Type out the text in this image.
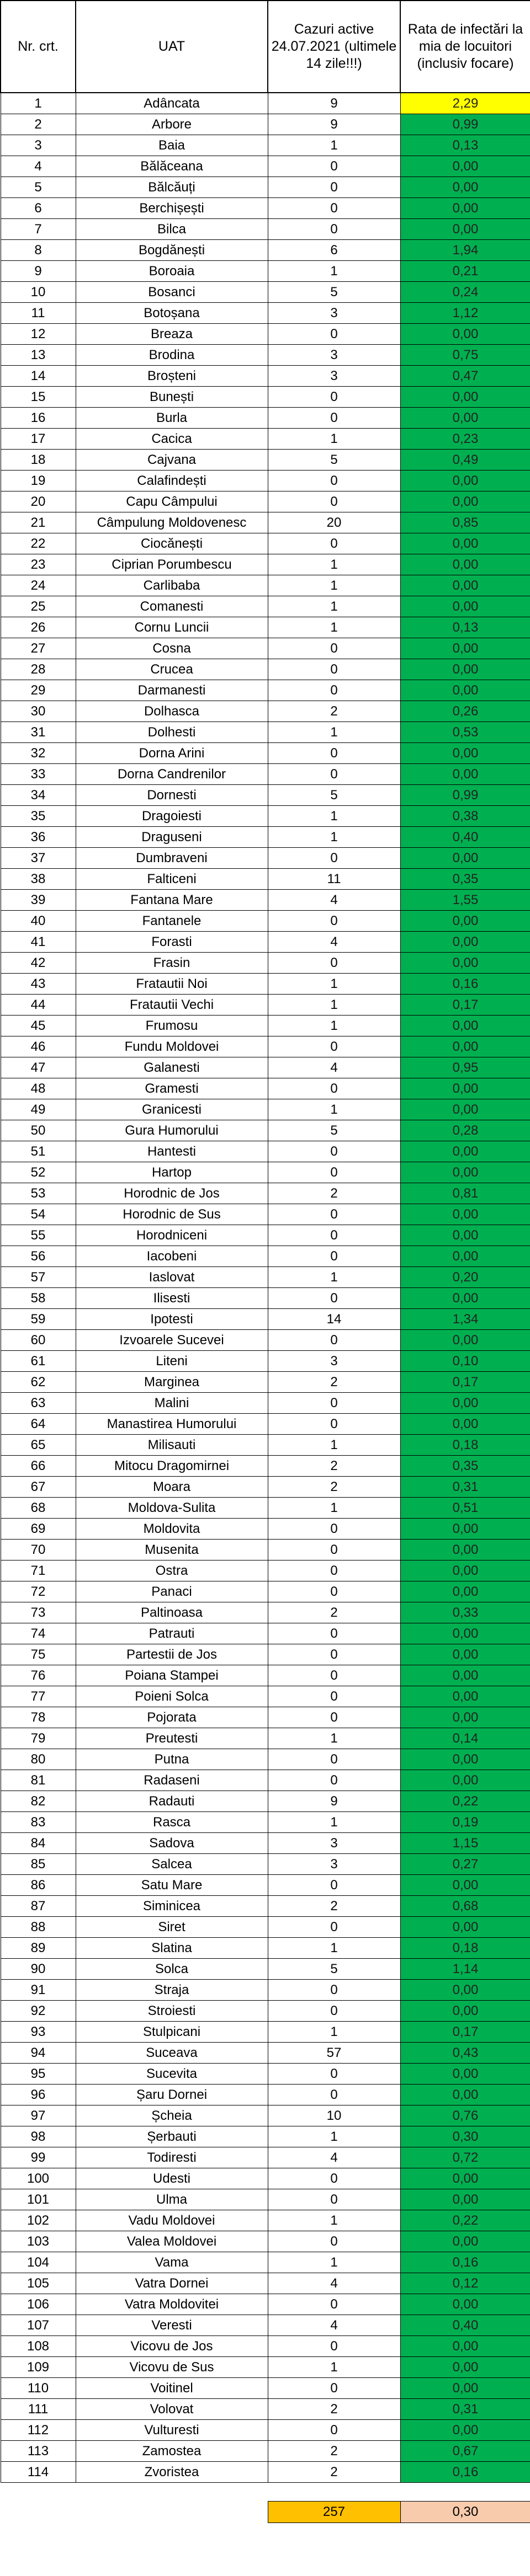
Nr. crt.	UAT	Cazuri active 24.07.2021 (ultimele 14 zile!!!)	Rata de infectări la mia de locuitori (inclusiv focare)
1	Adâncata	9	2,29
2	Arbore	9	0,99
3	Baia	1	0,13
4	Bălăceana	0	0,00
5	Bălcăuți	0	0,00
6	Berchișești	0	0,00
7	Bilca	0	0,00
8	Bogdănești	6	1,94
9	Boroaia	1	0,21
10	Bosanci	5	0,24
11	Botoșana	3	1,12
12	Breaza	0	0,00
13	Brodina	3	0,75
14	Broșteni	3	0,47
15	Bunești	0	0,00
16	Burla	0	0,00
17	Cacica	1	0,23
18	Cajvana	5	0,49
19	Calafindești	0	0,00
20	Capu Câmpului	0	0,00
21	Câmpulung Moldovenesc	20	0,85
22	Ciocănești	0	0,00
23	Ciprian Porumbescu	1	0,00
24	Carlibaba	1	0,00
25	Comanesti	1	0,00
26	Cornu Luncii	1	0,13
27	Cosna	0	0,00
28	Crucea	0	0,00
29	Darmanesti	0	0,00
30	Dolhasca	2	0,26
31	Dolhesti	1	0,53
32	Dorna Arini	0	0,00
33	Dorna Candrenilor	0	0,00
34	Dornesti	5	0,99
35	Dragoiesti	1	0,38
36	Draguseni	1	0,40
37	Dumbraveni	0	0,00
38	Falticeni	11	0,35
39	Fantana Mare	4	1,55
40	Fantanele	0	0,00
41	Forasti	4	0,00
42	Frasin	0	0,00
43	Fratautii Noi	1	0,16
44	Fratautii Vechi	1	0,17
45	Frumosu	1	0,00
46	Fundu Moldovei	0	0,00
47	Galanesti	4	0,95
48	Gramesti	0	0,00
49	Granicesti	1	0,00
50	Gura Humorului	5	0,28
51	Hantesti	0	0,00
52	Hartop	0	0,00
53	Horodnic de Jos	2	0,81
54	Horodnic de Sus	0	0,00
55	Horodniceni	0	0,00
56	Iacobeni	0	0,00
57	Iaslovat	1	0,20
58	Ilisesti	0	0,00
59	Ipotesti	14	1,34
60	Izvoarele Sucevei	0	0,00
61	Liteni	3	0,10
62	Marginea	2	0,17
63	Malini	0	0,00
64	Manastirea Humorului	0	0,00
65	Milisauti	1	0,18
66	Mitocu Dragomirnei	2	0,35
67	Moara	2	0,31
68	Moldova-Sulita	1	0,51
69	Moldovita	0	0,00
70	Musenita	0	0,00
71	Ostra	0	0,00
72	Panaci	0	0,00
73	Paltinoasa	2	0,33
74	Patrauti	0	0,00
75	Partestii de Jos	0	0,00
76	Poiana Stampei	0	0,00
77	Poieni Solca	0	0,00
78	Pojorata	0	0,00
79	Preutesti	1	0,14
80	Putna	0	0,00
81	Radaseni	0	0,00
82	Radauti	9	0,22
83	Rasca	1	0,19
84	Sadova	3	1,15
85	Salcea	3	0,27
86	Satu Mare	0	0,00
87	Siminicea	2	0,68
88	Siret	0	0,00
89	Slatina	1	0,18
90	Solca	5	1,14
91	Straja	0	0,00
92	Stroiesti	0	0,00
93	Stulpicani	1	0,17
94	Suceava	57	0,43
95	Sucevita	0	0,00
96	Șaru Dornei	0	0,00
97	Șcheia	10	0,76
98	Șerbauti	1	0,30
99	Todiresti	4	0,72
100	Udesti	0	0,00
101	Ulma	0	0,00
102	Vadu Moldovei	1	0,22
103	Valea Moldovei	0	0,00
104	Vama	1	0,16
105	Vatra Dornei	4	0,12
106	Vatra Moldovitei	0	0,00
107	Veresti	4	0,40
108	Vicovu de Jos	0	0,00
109	Vicovu de Sus	1	0,00
110	Voitinel	0	0,00
111	Volovat	2	0,31
112	Vulturesti	0	0,00
113	Zamostea	2	0,67
114	Zvoristea	2	0,16

		257	0,30
